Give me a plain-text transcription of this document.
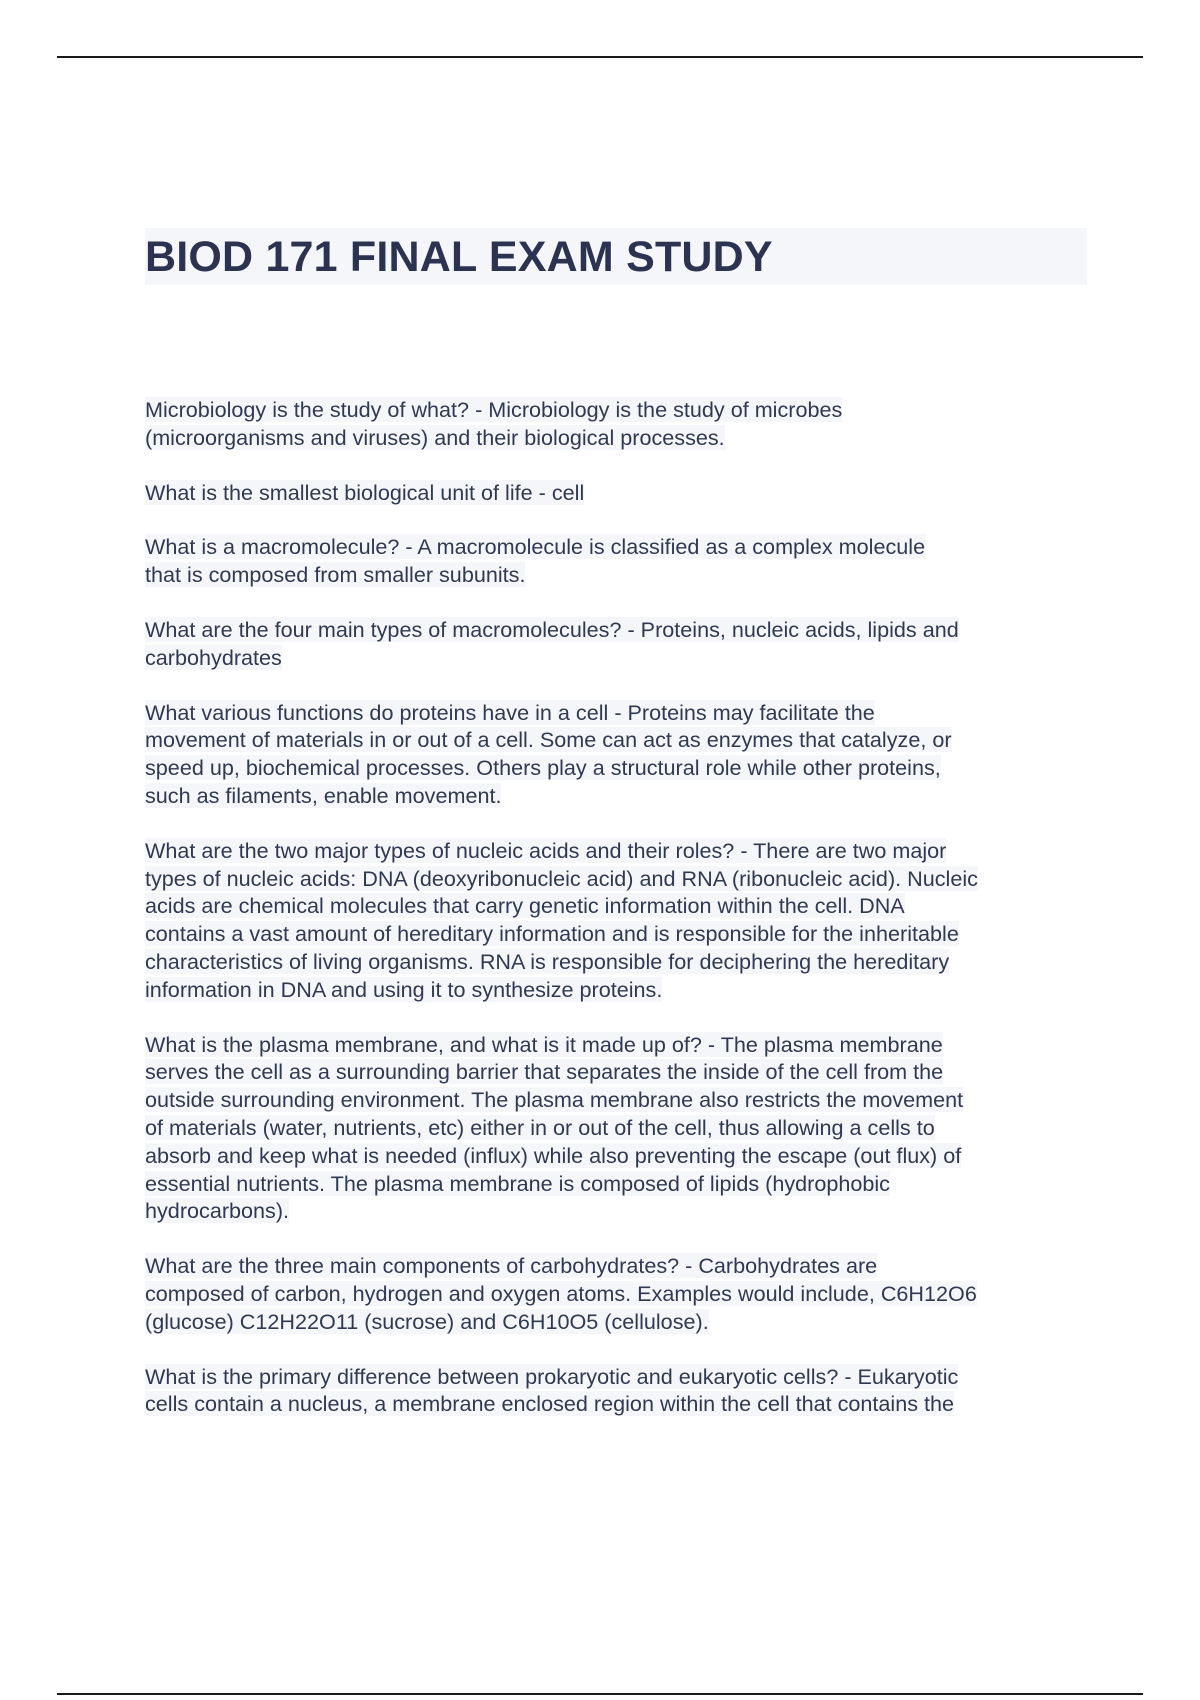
BIOD 171 FINAL EXAM STUDY
Microbiology is the study of what? - Microbiology is the study of microbes
(microorganisms and viruses) and their biological processes.
What is the smallest biological unit of life - cell
What is a macromolecule? - A macromolecule is classified as a complex molecule
that is composed from smaller subunits.
What are the four main types of macromolecules? - Proteins, nucleic acids, lipids and
carbohydrates
What various functions do proteins have in a cell - Proteins may facilitate the
movement of materials in or out of a cell. Some can act as enzymes that catalyze, or
speed up, biochemical processes. Others play a structural role while other proteins,
such as filaments, enable movement.
What are the two major types of nucleic acids and their roles? - There are two major
types of nucleic acids: DNA (deoxyribonucleic acid) and RNA (ribonucleic acid). Nucleic
acids are chemical molecules that carry genetic information within the cell. DNA
contains a vast amount of hereditary information and is responsible for the inheritable
characteristics of living organisms. RNA is responsible for deciphering the hereditary
information in DNA and using it to synthesize proteins.
What is the plasma membrane, and what is it made up of? - The plasma membrane
serves the cell as a surrounding barrier that separates the inside of the cell from the
outside surrounding environment. The plasma membrane also restricts the movement
of materials (water, nutrients, etc) either in or out of the cell, thus allowing a cells to
absorb and keep what is needed (influx) while also preventing the escape (out flux) of
essential nutrients. The plasma membrane is composed of lipids (hydrophobic
hydrocarbons).
What are the three main components of carbohydrates? - Carbohydrates are
composed of carbon, hydrogen and oxygen atoms. Examples would include, C6H12O6
(glucose) C12H22O11 (sucrose) and C6H10O5 (cellulose).
What is the primary difference between prokaryotic and eukaryotic cells? - Eukaryotic
cells contain a nucleus, a membrane enclosed region within the cell that contains the
